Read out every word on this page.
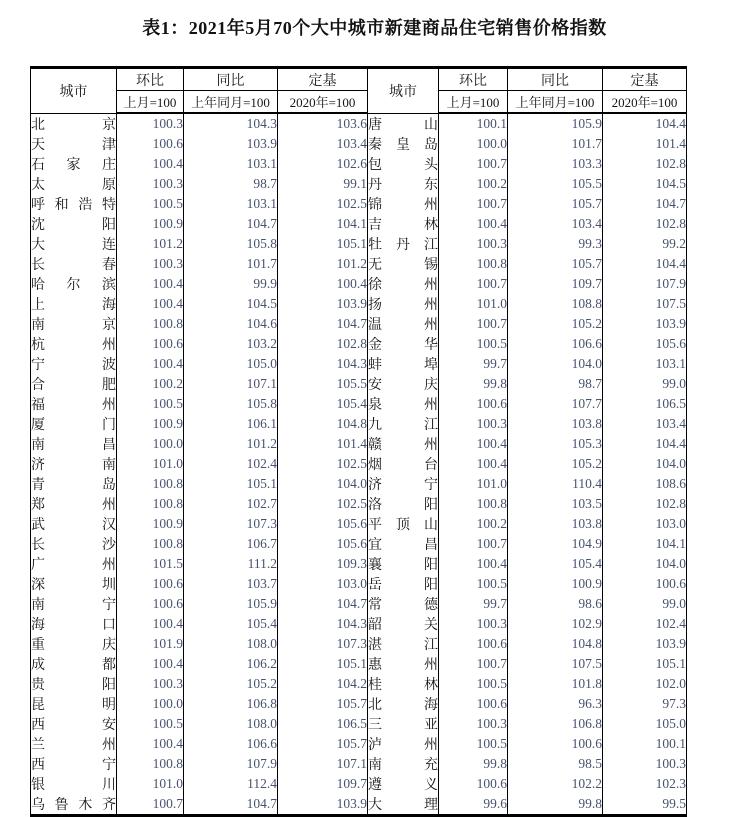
表1：2021年5月70个大中城市新建商品住宅销售价格指数
城市	环比	同比	定基	城市	环比	同比	定基
	上月=100	上年同月=100	2020年=100		上月=100	上年同月=100	2020年=100
北京	100.3	104.3	103.6	唐山	100.1	105.9	104.4
天津	100.6	103.9	103.4	秦皇岛	100.0	101.7	101.4
石家庄	100.4	103.1	102.6	包头	100.7	103.3	102.8
太原	100.3	98.7	99.1	丹东	100.2	105.5	104.5
呼和浩特	100.5	103.1	102.5	锦州	100.7	105.7	104.7
沈阳	100.9	104.7	104.1	吉林	100.4	103.4	102.8
大连	101.2	105.8	105.1	牡丹江	100.3	99.3	99.2
长春	100.3	101.7	101.2	无锡	100.8	105.7	104.4
哈尔滨	100.4	99.9	100.4	徐州	100.7	109.7	107.9
上海	100.4	104.5	103.9	扬州	101.0	108.8	107.5
南京	100.8	104.6	104.7	温州	100.7	105.2	103.9
杭州	100.6	103.2	102.8	金华	100.5	106.6	105.6
宁波	100.4	105.0	104.3	蚌埠	99.7	104.0	103.1
合肥	100.2	107.1	105.5	安庆	99.8	98.7	99.0
福州	100.5	105.8	105.4	泉州	100.6	107.7	106.5
厦门	100.9	106.1	104.8	九江	100.3	103.8	103.4
南昌	100.0	101.2	101.4	赣州	100.4	105.3	104.4
济南	101.0	102.4	102.5	烟台	100.4	105.2	104.0
青岛	100.8	105.1	104.0	济宁	101.0	110.4	108.6
郑州	100.8	102.7	102.5	洛阳	100.8	103.5	102.8
武汉	100.9	107.3	105.6	平顶山	100.2	103.8	103.0
长沙	100.8	106.7	105.6	宜昌	100.7	104.9	104.1
广州	101.5	111.2	109.3	襄阳	100.4	105.4	104.0
深圳	100.6	103.7	103.0	岳阳	100.5	100.9	100.6
南宁	100.6	105.9	104.7	常德	99.7	98.6	99.0
海口	100.4	105.4	104.3	韶关	100.3	102.9	102.4
重庆	101.9	108.0	107.3	湛江	100.6	104.8	103.9
成都	100.4	106.2	105.1	惠州	100.7	107.5	105.1
贵阳	100.3	105.2	104.2	桂林	100.5	101.8	102.0
昆明	100.0	106.8	105.7	北海	100.6	96.3	97.3
西安	100.5	108.0	106.5	三亚	100.3	106.8	105.0
兰州	100.4	106.6	105.7	泸州	100.5	100.6	100.1
西宁	100.8	107.9	107.1	南充	99.8	98.5	100.3
银川	101.0	112.4	109.7	遵义	100.6	102.2	102.3
乌鲁木齐	100.7	104.7	103.9	大理	99.6	99.8	99.5
